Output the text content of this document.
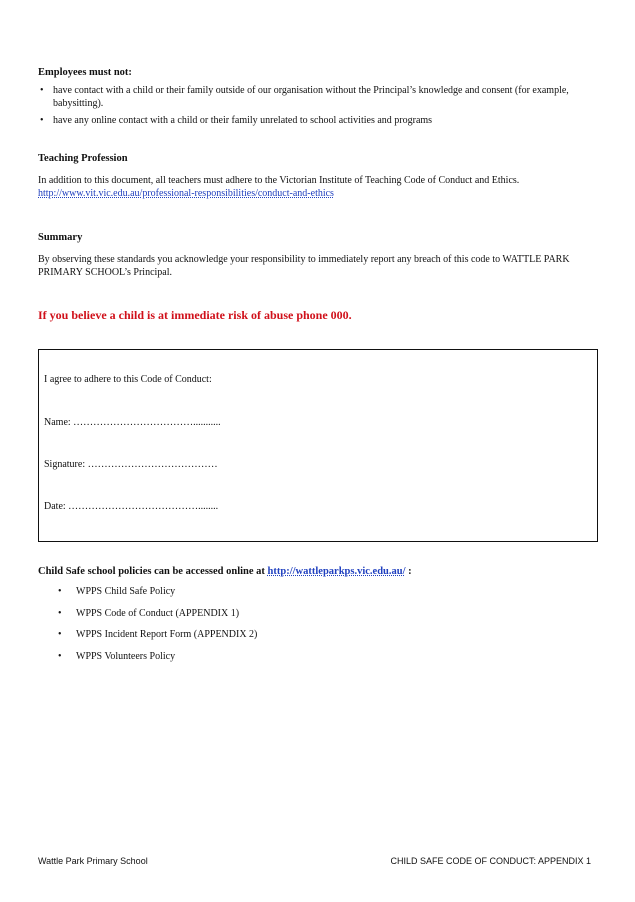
Employees must not:
• have contact with a child or their family outside of our organisation without the Principal’s knowledge and consent (for example, babysitting).
• have any online contact with a child or their family unrelated to school activities and programs
Teaching Profession
In addition to this document, all teachers must adhere to the Victorian Institute of Teaching Code of Conduct and Ethics.
http://www.vit.vic.edu.au/professional-responsibilities/conduct-and-ethics
Summary
By observing these standards you acknowledge your responsibility to immediately report any breach of this code to WATTLE PARK PRIMARY SCHOOL’s Principal.
If you believe a child is at immediate risk of abuse phone 000.
I agree to adhere to this Code of Conduct:
Name: ………………………………...........
Signature: …………………………………
Date: …………………………………........
Child Safe school policies can be accessed online at http://wattleparkps.vic.edu.au/ :
• WPPS Child Safe Policy
• WPPS Code of Conduct (APPENDIX 1)
• WPPS Incident Report Form (APPENDIX 2)
• WPPS Volunteers Policy
Wattle Park Primary School	CHILD SAFE CODE OF CONDUCT: APPENDIX 1
